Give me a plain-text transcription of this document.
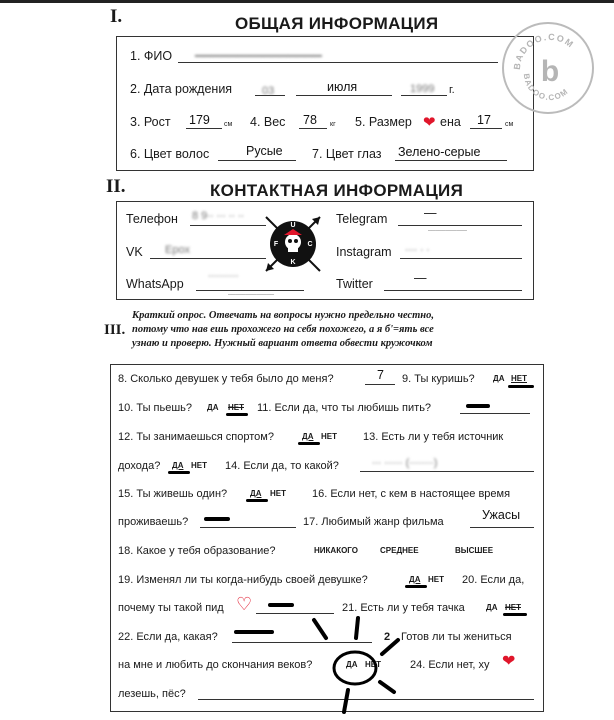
I.	ОБЩАЯ ИНФОРМАЦИЯ
1. ФИО ▁▁▁▁▁▁▁▁▁▁▁▁▁▁▁
2. Дата рождения	03	июля	1999 г.
3. Рост 179 см 4. Вес 78 кг 5. Размер ❤ ена 17 см
6. Цвет волос	Русые 7. Цвет глаз Зелено-серые
BADOO.COM
BADOO.COM
b
II.	КОНТАКТНАЯ ИНФОРМАЦИЯ
Телефон 8 9∙∙ ∙∙∙ ∙∙ ∙∙
VK Ерох
WhatsApp
∙∙∙∙∙∙∙∙∙∙
─────────────
Telegram	—
───────────
Instagram ∙∙∙∙ ∙ ∙
Twitter	—
U
F	C
K
III.
Краткий опрос. Отвечать на вопросы нужно предельно честно,
потому что нав ешь прохожего на себя похожего, а я б'=ять все
узнаю и проверю. Нужный вариант ответа обвести кружочком
8. Сколько девушек у тебя было до меня?	7 9. Ты куришь? ДА НЕТ
10. Ты пьешь? ДА НЕТ 11. Если да, что ты любишь пить?
12. Ты занимаешься спортом?	ДА НЕТ 13. Есть ли у тебя источник
дохода? ДА НЕТ 14. Если да, то какой?	∙∙∙ ∙∙∙∙∙∙ (∙∙∙∙∙∙∙∙)
15. Ты живешь один?	ДА НЕТ 16. Если нет, с кем в настоящее время
проживаешь?	17. Любимый жанр фильма	Ужасы
18. Какое у тебя образование?	НИКАКОГО	СРЕДНЕЕ	ВЫСШЕЕ
19. Изменял ли ты когда-нибудь своей девушке?	ДА НЕТ 20. Если да,
почему ты такой пид ♡	21. Есть ли у тебя тачка	ДА НЕТ
22. Если да, какая?	2 Готов ли ты жениться
на мне и любить до скончания веков?	ДА НЕТ	24. Если нет, ху ❤
лезешь, пёс?
